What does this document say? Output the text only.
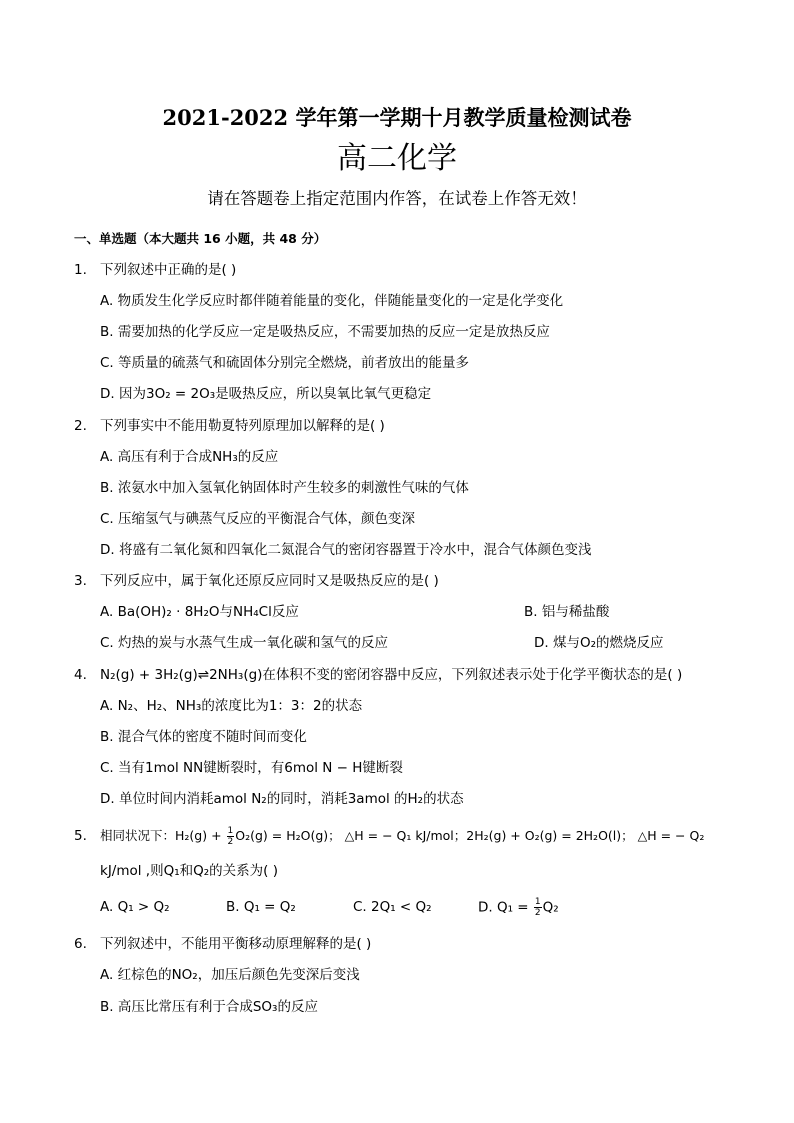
2021-2022 学年第一学期十月教学质量检测试卷
高二化学
请在答题卷上指定范围内作答，在试卷上作答无效！
一、单选题（本大题共 16 小题，共 48 分）
1. 下列叙述中正确的是( )
A. 物质发生化学反应时都伴随着能量的变化，伴随能量变化的一定是化学变化
B. 需要加热的化学反应一定是吸热反应，不需要加热的反应一定是放热反应
C. 等质量的硫蒸气和硫固体分别完全燃烧，前者放出的能量多
D. 因为3O₂ = 2O₃是吸热反应，所以臭氧比氧气更稳定
2. 下列事实中不能用勒夏特列原理加以解释的是( )
A. 高压有利于合成NH₃的反应
B. 浓氨水中加入氢氧化钠固体时产生较多的刺激性气味的气体
C. 压缩氢气与碘蒸气反应的平衡混合气体，颜色变深
D. 将盛有二氧化氮和四氧化二氮混合气的密闭容器置于冷水中，混合气体颜色变浅
3. 下列反应中，属于氧化还原反应同时又是吸热反应的是( )
A. Ba(OH)₂ · 8H₂O与NH₄Cl反应	B. 铝与稀盐酸
C. 灼热的炭与水蒸气生成一氧化碳和氢气的反应	D. 煤与O₂的燃烧反应
4. N₂(g) + 3H₂(g)⇌2NH₃(g)在体积不变的密闭容器中反应，下列叙述表示处于化学平衡状态的是( )
A. N₂、H₂、NH₃的浓度比为1：3：2的状态
B. 混合气体的密度不随时间而变化
C. 当有1mol NN键断裂时，有6mol N − H键断裂
D. 单位时间内消耗amol N₂的同时，消耗3amol 的H₂的状态
5. 相同状况下：$H_2(g) + \frac{1}{2} O_2(g) = H_2O(g)$； △H = − Q₁ kJ/mol；2H₂(g) + O₂(g) = 2H₂O(l)； △H = − Q₂
kJ/mol ,则Q₁和Q₂的关系为( )
A. Q₁ > Q₂	B. Q₁ = Q₂	C. 2Q₁ < Q₂	D. $Q_1 = \frac{1}{2} Q_2$
6. 下列叙述中，不能用平衡移动原理解释的是( )
A. 红棕色的NO₂，加压后颜色先变深后变浅
B. 高压比常压有利于合成SO₃的反应
